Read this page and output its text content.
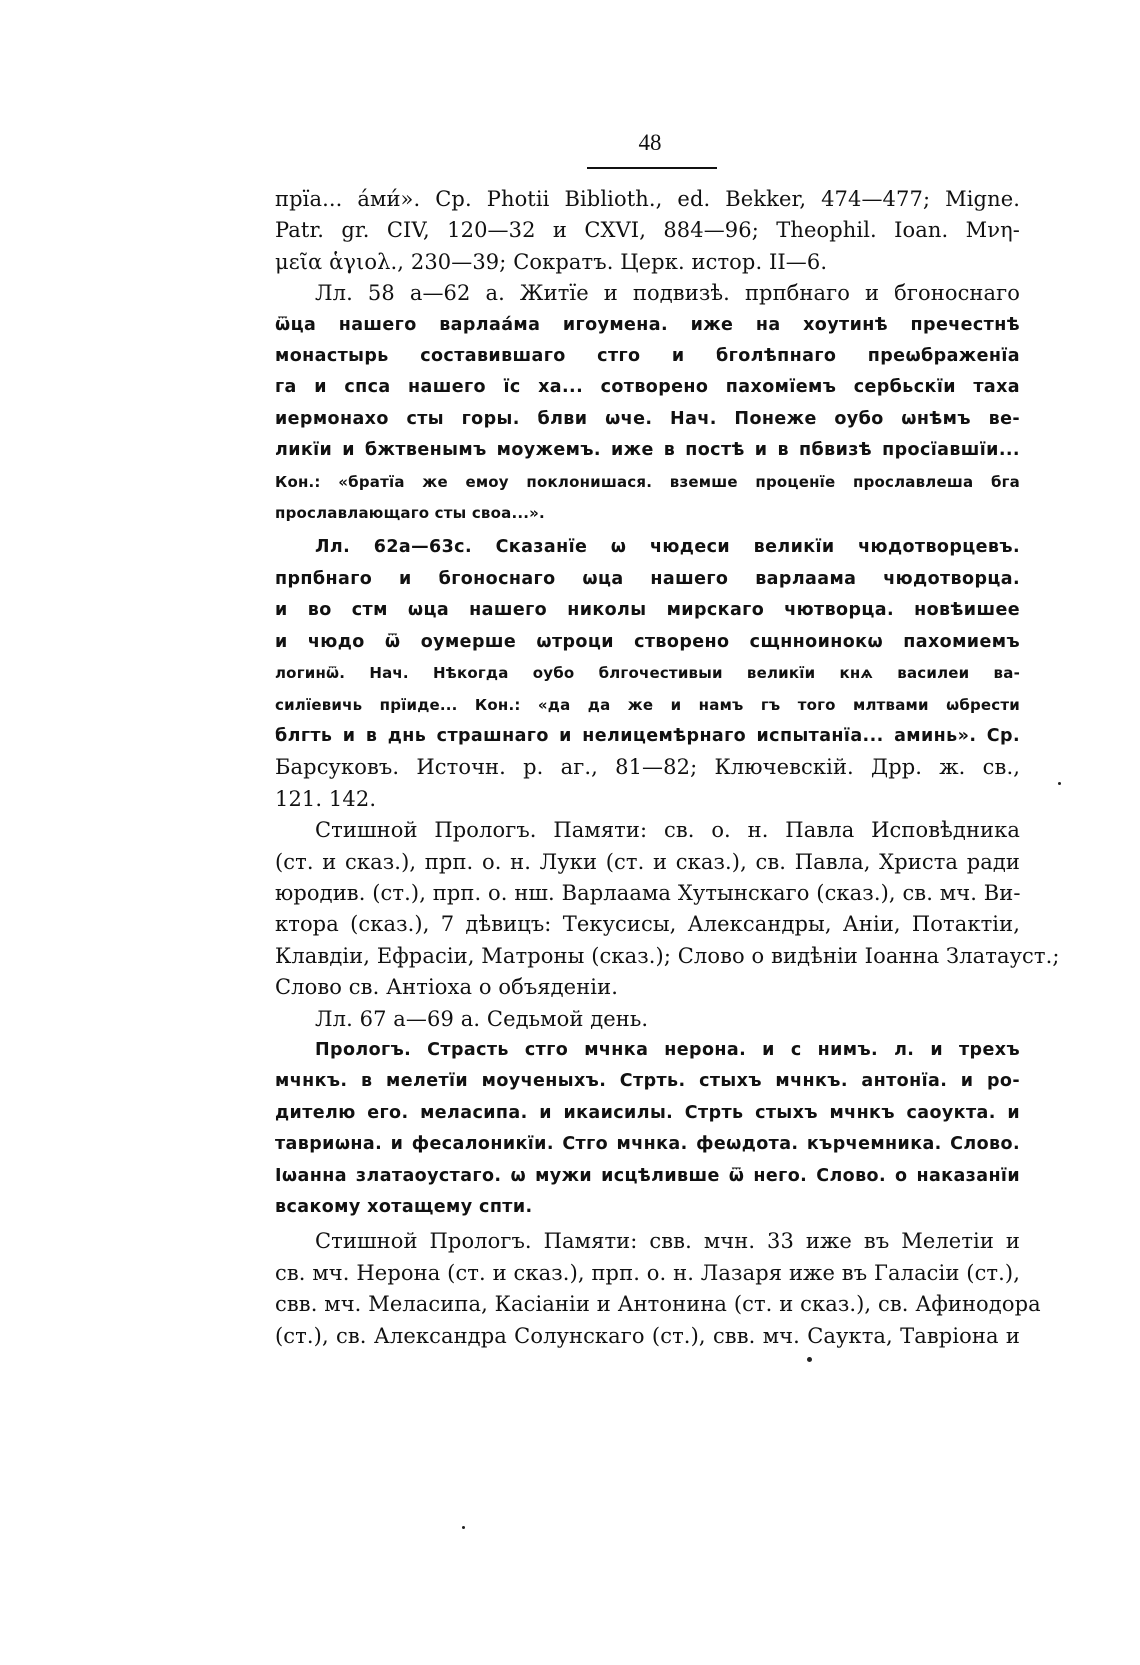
48
прїа... а́ми́». Ср. Photii Biblioth., ed. Bekker, 474—477; Migne.
Patr. gr. CIV, 120—32 и CXVI, 884—96; Theophil. Ioan. Μνη-
μεῖα ἁγιολ., 230—39; Сократъ. Церк. истор. II—6.
Лл. 58 а—62 а. Житїе и подвизѣ. прпбнаго и бгоноснаго
ѿца нашего варлаа́ма игоумена. иже на хоутинѣ пречестнѣ
монастырь составившаго стго и бголѣпнаго преѡбраженїа
га и спса нашего їс ха... сотворено пахомїемъ сербьскїи таха
иермонахо сты горы. блви ѡче. Нач. Понеже оубо ѡнѣмъ ве-
ликїи и бжтвенымъ моужемъ. иже в постѣ и в пбвизѣ просїавшїи...
Кон.: «братїа же емоу поклонишася. вземше проценїе прославлеша бга
прославлающаго сты своа...».
Лл. 62а—63с. Сказанїе ѡ чюдеси великїи чюдотворцевъ.
прпбнаго и бгоноснаго ѡца нашего варлаама чюдотворца.
и во стм ѡца нашего николы мирскаго чютворца. новѣишее
и чюдо ѿ оумерше ѡтроци створено сщнноинокѡ пахомиемъ
логинѿ. Нач. Нѣкогда оубо блгочестивыи великїи кнѧ василеи ва-
силїевичь прїиде... Кон.: «да да же и намъ гъ того млтвами ѡбрести
блгть и в днь страшнаго и нелицемѣрнаго испытанїа... аминь». Ср.
Барсуковъ. Источн. р. аг., 81—82; Ключевскій. Дрр. ж. св.,
121. 142.
Стишной Прологъ. Памяти: св. о. н. Павла Исповѣдника
(ст. и сказ.), прп. о. н. Луки (ст. и сказ.), св. Павла, Христа ради
юродив. (ст.), прп. о. нш. Варлаама Хутынскаго (сказ.), св. мч. Ви-
ктора (сказ.), 7 дѣвицъ: Текусисы, Александры, Аніи, Потактіи,
Клавдіи, Ефрасіи, Матроны (сказ.); Слово о видѣніи Іоанна Златауст.;
Слово св. Антіоха о объяденіи.
Лл. 67 а—69 а. Седьмой день.
Прологъ. Страсть стго мчнка нерона. и с нимъ. л. и трехъ
мчнкъ. в мелетїи моученыхъ. Стрть. стыхъ мчнкъ. антонїа. и ро-
дителю его. меласипа. и икаисилы. Стрть стыхъ мчнкъ саоукта. и
тавриѡна. и фесалоникїи. Стго мчнка. феѡдота. кърчемника. Слово.
Іѡанна златаоустаго. ѡ мужи исцѣливше ѿ него. Слово. о наказанїи
всакому хотащему спти.
Стишной Прологъ. Памяти: свв. мчн. 33 иже въ Мелетіи и
св. мч. Нерона (ст. и сказ.), прп. о. н. Лазаря иже въ Галасіи (ст.),
свв. мч. Меласипа, Касіаніи и Антонина (ст. и сказ.), св. Афинодора
(ст.), св. Александра Солунскаго (ст.), свв. мч. Саукта, Тавріона и
